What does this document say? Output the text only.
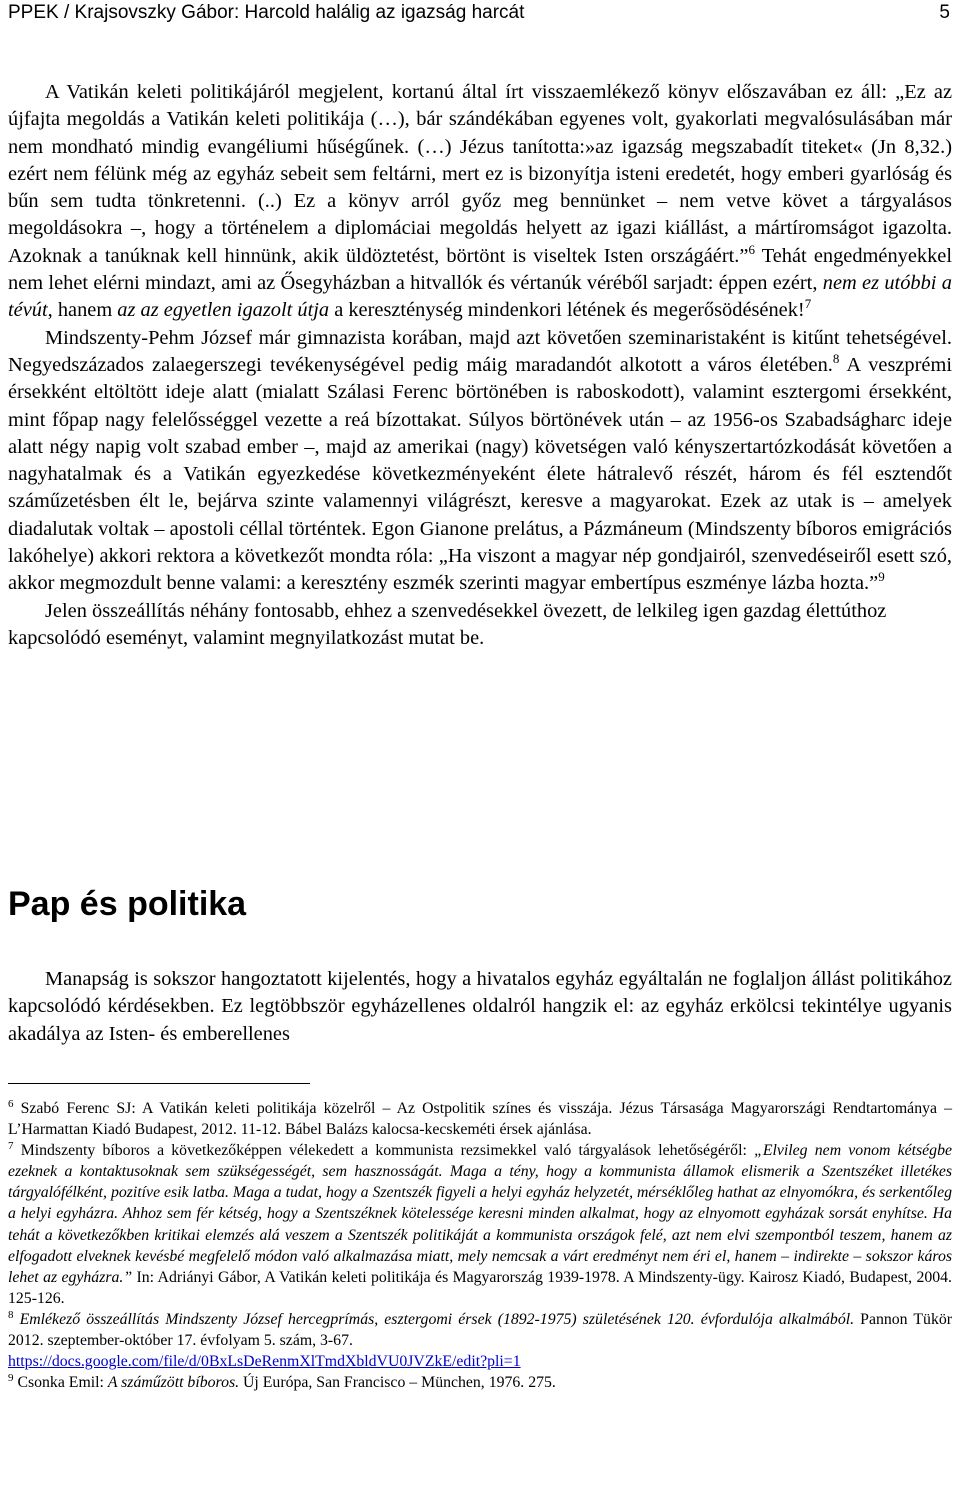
PPEK / Krajsovszky Gábor: Harcold halálig az igazság harcát	5

A Vatikán keleti politikájáról megjelent, kortanú által írt visszaemlékező könyv előszavában ez áll: „Ez az újfajta megoldás a Vatikán keleti politikája (…), bár szándékában egyenes volt, gyakorlati megvalósulásában már nem mondható mindig evangéliumi hűségűnek. (…) Jézus tanította:»az igazság megszabadít titeket« (Jn 8,32.) ezért nem félünk még az egyház sebeit sem feltárni, mert ez is bizonyítja isteni eredetét, hogy emberi gyarlóság és bűn sem tudta tönkretenni. (..) Ez a könyv arról győz meg bennünket – nem vetve követ a tárgyalásos megoldásokra –, hogy a történelem a diplomáciai megoldás helyett az igazi kiállást, a mártíromságot igazolta. Azoknak a tanúknak kell hinnünk, akik üldöztetést, börtönt is viseltek Isten országáért.”$^6$ Tehát engedményekkel nem lehet elérni mindazt, ami az Ősegyházban a hitvallók és vértanúk véréből sarjadt: éppen ezért, nem ez utóbbi a tévút, hanem az az egyetlen igazolt útja a kereszténység mindenkori létének és megerősödésének!$^7$

Mindszenty-Pehm József már gimnazista korában, majd azt követően szeminaristaként is kitűnt tehetségével. Negyedszázados zalaegerszegi tevékenységével pedig máig maradandót alkotott a város életében.$^8$ A veszprémi érsekként eltöltött ideje alatt (mialatt Szálasi Ferenc börtönében is raboskodott), valamint esztergomi érsekként, mint főpap nagy felelősséggel vezette a reá bízottakat. Súlyos börtönévek után – az 1956-os Szabadságharc ideje alatt négy napig volt szabad ember –, majd az amerikai (nagy) követségen való kényszertartózkodását követően a nagyhatalmak és a Vatikán egyezkedése következményeként élete hátralevő részét, három és fél esztendőt száműzetésben élt le, bejárva szinte valamennyi világrészt, keresve a magyarokat. Ezek az utak is – amelyek diadalutak voltak – apostoli céllal történtek. Egon Gianone prelátus, a Pázmáneum (Mindszenty bíboros emigrációs lakóhelye) akkori rektora a következőt mondta róla: „Ha viszont a magyar nép gondjairól, szenvedéseiről esett szó, akkor megmozdult benne valami: a keresztény eszmék szerinti magyar embertípus eszménye lázba hozta.”$^9$

Jelen összeállítás néhány fontosabb, ehhez a szenvedésekkel övezett, de lelkileg igen gazdag élettúthoz kapcsolódó eseményt, valamint megnyilatkozást mutat be.

Pap és politika

Manapság is sokszor hangoztatott kijelentés, hogy a hivatalos egyház egyáltalán ne foglaljon állást politikához kapcsolódó kérdésekben. Ez legtöbbször egyházellenes oldalról hangzik el: az egyház erkölcsi tekintélye ugyanis akadálya az Isten- és emberellenes

$^6$ Szabó Ferenc SJ: A Vatikán keleti politikája közelről – Az Ostpolitik színes és visszája. Jézus Társasága Magyarországi Rendtartománya – L’Harmattan Kiadó Budapest, 2012. 11-12. Bábel Balázs kalocsa-kecskeméti érsek ajánlása.

$^7$ Mindszenty bíboros a következőképpen vélekedett a kommunista rezsimekkel való tárgyalások lehetőségéről: „Elvileg nem vonom kétségbe ezeknek a kontaktusoknak sem szükségességét, sem hasznosságát. Maga a tény, hogy a kommunista államok elismerik a Szentszéket illetékes tárgyalófélként, pozitíve esik latba. Maga a tudat, hogy a Szentszék figyeli a helyi egyház helyzetét, mérséklőleg hathat az elnyomókra, és serkentőleg a helyi egyházra. Ahhoz sem fér kétség, hogy a Szentszéknek kötelessége keresni minden alkalmat, hogy az elnyomott egyházak sorsát enyhítse. Ha tehát a következőkben kritikai elemzés alá veszem a Szentszék politikáját a kommunista országok felé, azt nem elvi szempontból teszem, hanem az elfogadott elveknek kevésbé megfelelő módon való alkalmazása miatt, mely nemcsak a várt eredményt nem éri el, hanem – indirekte – sokszor káros lehet az egyházra.” In: Adriányi Gábor, A Vatikán keleti politikája és Magyarország 1939-1978. A Mindszenty-ügy. Kairosz Kiadó, Budapest, 2004. 125-126.

$^8$ Emlékező összeállítás Mindszenty József hercegprímás, esztergomi érsek (1892-1975) születésének 120. évfordulója alkalmából. Pannon Tükör 2012. szeptember-október 17. évfolyam 5. szám, 3-67.
https://docs.google.com/file/d/0BxLsDeRenmXlTmdXbldVU0JVZkE/edit?pli=1

$^9$ Csonka Emil: A száműzött bíboros. Új Európa, San Francisco – München, 1976. 275.
